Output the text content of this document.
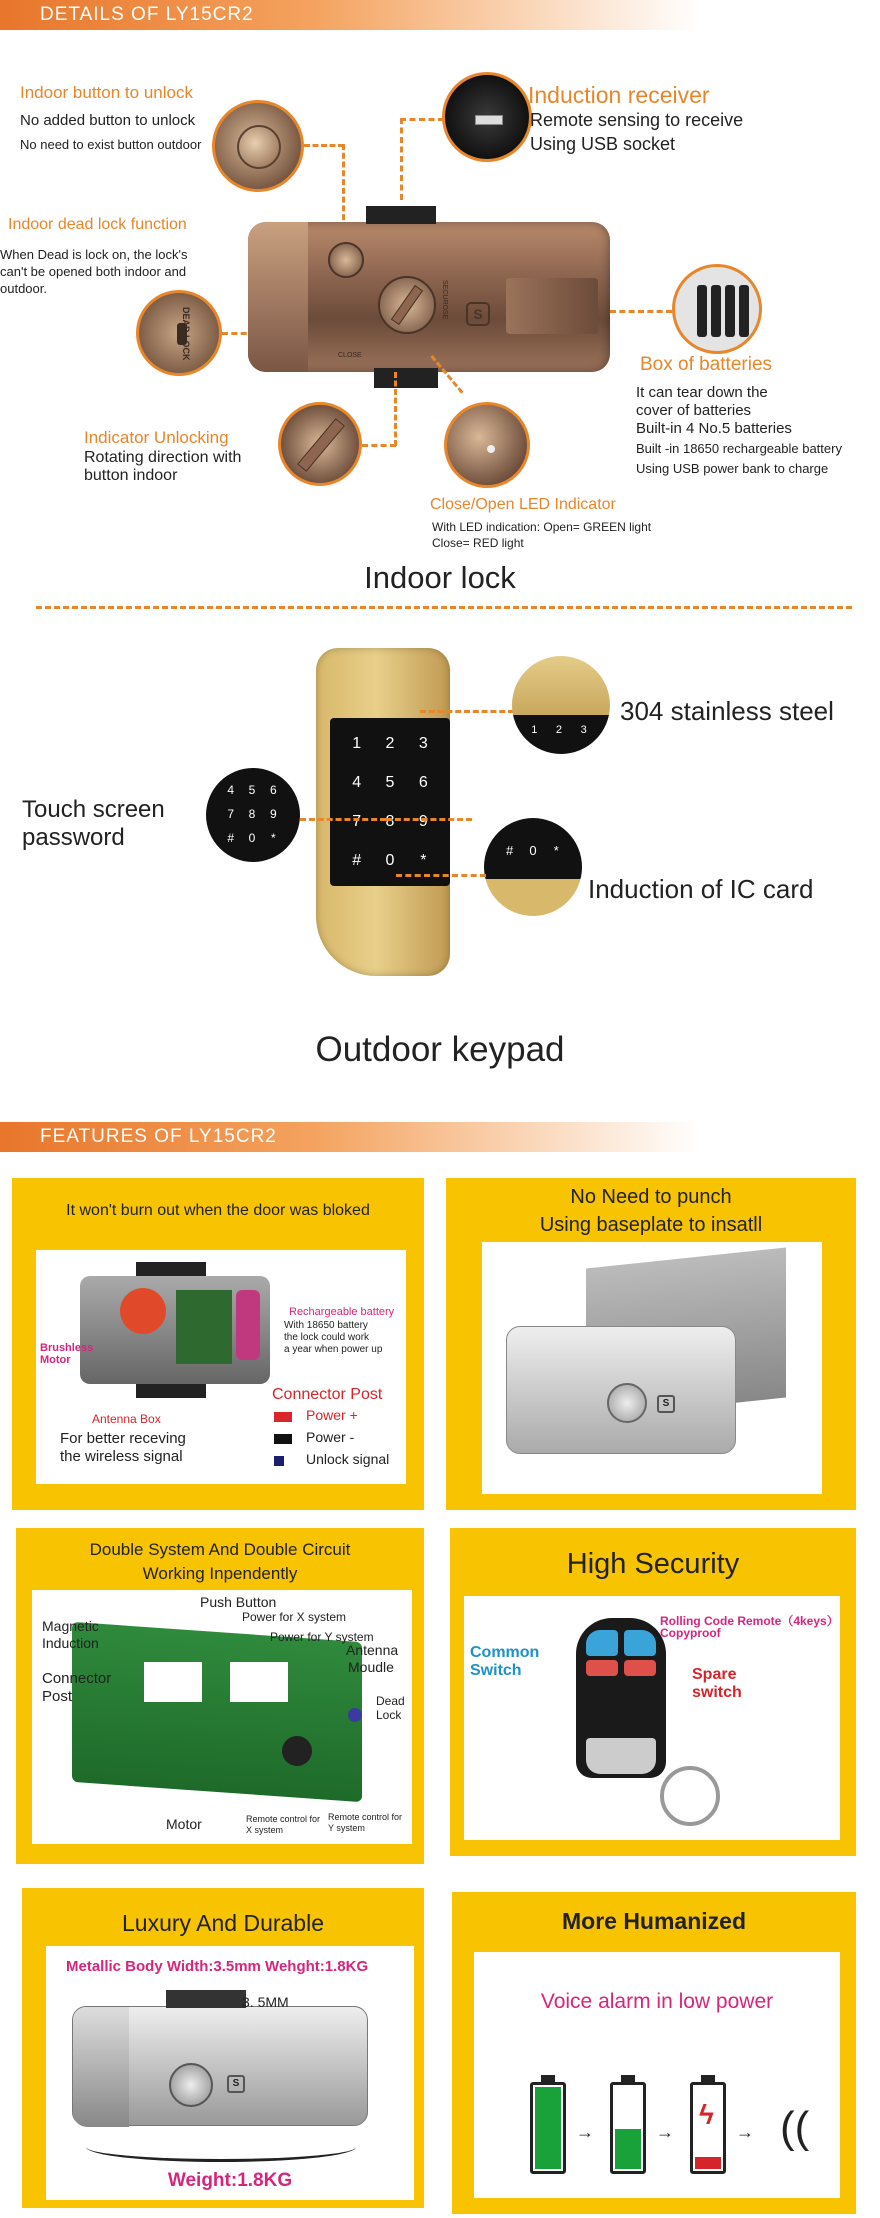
DETAILS OF LY15CR2
Indoor button to unlock
No added button to unlock
No need to exist button outdoor
Induction receiver
Remote sensing to receive
Using USB socket
Indoor dead lock function
When Dead is lock on, the lock's
can't be opened both indoor and
outdoor.
DEAD LOCK	S
CLOSE
SECUROSE
Box of batteries
It can tear down the
cover of batteries
Built-in 4 No.5 batteries
Built -in 18650 rechargeable battery
Using USB power bank to charge
Indicator Unlocking
Rotating direction with
button indoor
Close/Open LED Indicator
With LED indication: Open= GREEN light
Close= RED light
Indoor lock
1	2	3
4	5	6
7	8	9
#	0	*
4	5	6
7	8	9
#	0	*
Touch screen
password
1	2	3
304 stainless steel
#	0	*
Induction of IC card
Outdoor keypad
FEATURES OF LY15CR2
It won't burn out when the door was bloked
Rechargeable battery
With 18650 battery
the lock could work
a year when power up
Brushless
Motor
Antenna Box
For better receving
the wireless signal
Connector Post
Power +
Power -
Unlock signal
No Need to punch
Using baseplate to insatll
S
Double System And Double Circuit
Working Inpendently
Push Button
Power for X system
Power for Y system
Magnetic
Induction
Connector
Post
Antenna
Moudle
Dead
Lock
Motor	Remote control for
X system
Remote control for
Y system
High Security
Common
Switch
Rolling Code Remote（4keys）
Copyproof
Spare
switch
Luxury And Durable
Metallic Body Width:3.5mm Wehght:1.8KG
S
3. 5MM
Weight:1.8KG
More Humanized
Voice alarm in low power
→	→
ϟ
→ ((
